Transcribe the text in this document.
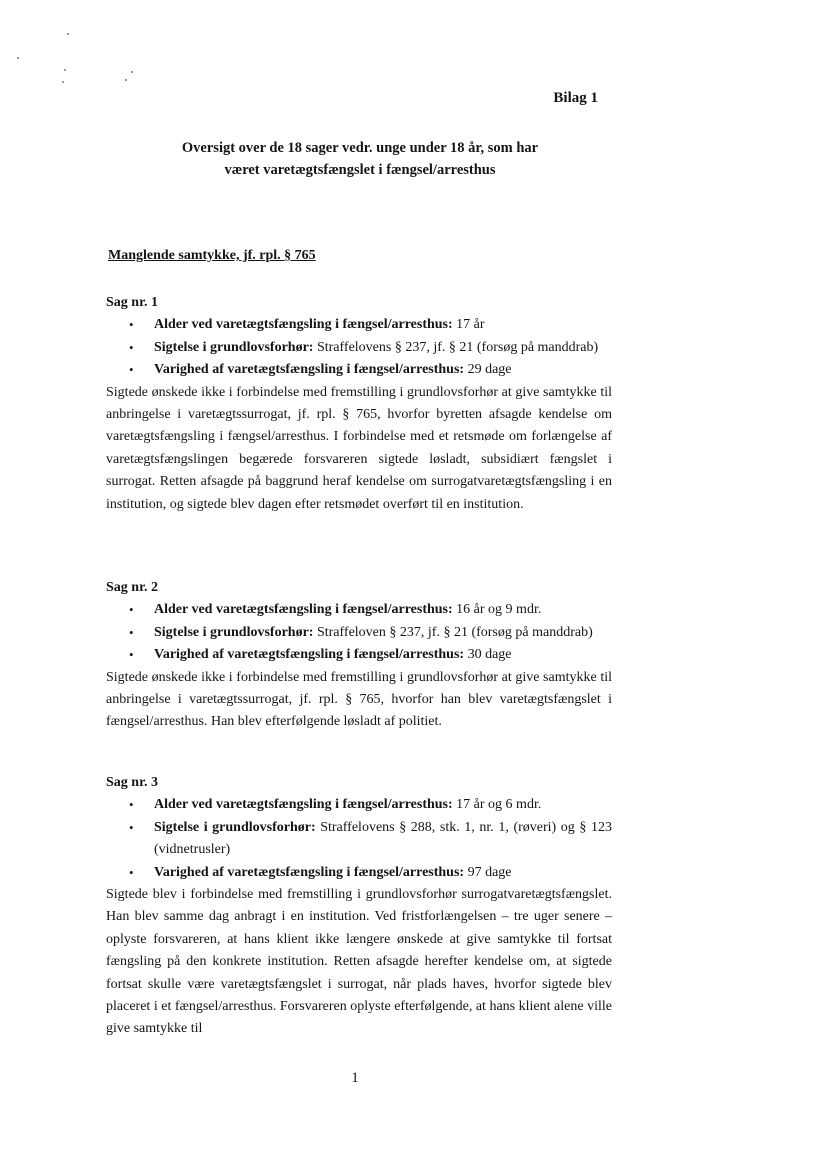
Bilag 1
Oversigt over de 18 sager vedr. unge under 18 år, som har
været varetægtsfængslet i fængsel/arresthus
Manglende samtykke, jf. rpl. § 765

Sag nr. 1

• Alder ved varetægtsfængsling i fængsel/arresthus: 17 år
• Sigtelse i grundlovsforhør: Straffelovens § 237, jf. § 21 (forsøg på manddrab)
• Varighed af varetægtsfængsling i fængsel/arresthus: 29 dage

Sigtede ønskede ikke i forbindelse med fremstilling i grundlovsforhør at give samtykke til anbringelse i varetægtssurrogat, jf. rpl. § 765, hvorfor byretten afsagde kendelse om varetægtsfængsling i fængsel/arresthus. I forbindelse med et retsmøde om forlængelse af varetægtsfængslingen begærede forsvareren sigtede løsladt, subsidiært fængslet i surrogat. Retten afsagde på baggrund heraf kendelse om surrogatvaretægtsfængsling i en institution, og sigtede blev dagen efter retsmødet overført til en institution.

Sag nr. 2

• Alder ved varetægtsfængsling i fængsel/arresthus: 16 år og 9 mdr.
• Sigtelse i grundlovsforhør: Straffeloven § 237, jf. § 21 (forsøg på manddrab)
• Varighed af varetægtsfængsling i fængsel/arresthus: 30 dage

Sigtede ønskede ikke i forbindelse med fremstilling i grundlovsforhør at give samtykke til anbringelse i varetægtssurrogat, jf. rpl. § 765, hvorfor han blev varetægtsfængslet i fængsel/arresthus. Han blev efterfølgende løsladt af politiet.

Sag nr. 3

• Alder ved varetægtsfængsling i fængsel/arresthus: 17 år og 6 mdr.
• Sigtelse i grundlovsforhør: Straffelovens § 288, stk. 1, nr. 1, (røveri) og § 123 (vidnetrusler)
• Varighed af varetægtsfængsling i fængsel/arresthus: 97 dage

Sigtede blev i forbindelse med fremstilling i grundlovsforhør surrogatvaretægtsfængslet. Han blev samme dag anbragt i en institution. Ved fristforlængelsen – tre uger senere – oplyste forsvareren, at hans klient ikke længere ønskede at give samtykke til fortsat fængsling på den konkrete institution. Retten afsagde herefter kendelse om, at sigtede fortsat skulle være varetægtsfængslet i surrogat, når plads haves, hvorfor sigtede blev placeret i et fængsel/arresthus. Forsvareren oplyste efterfølgende, at hans klient alene ville give samtykke til

1
